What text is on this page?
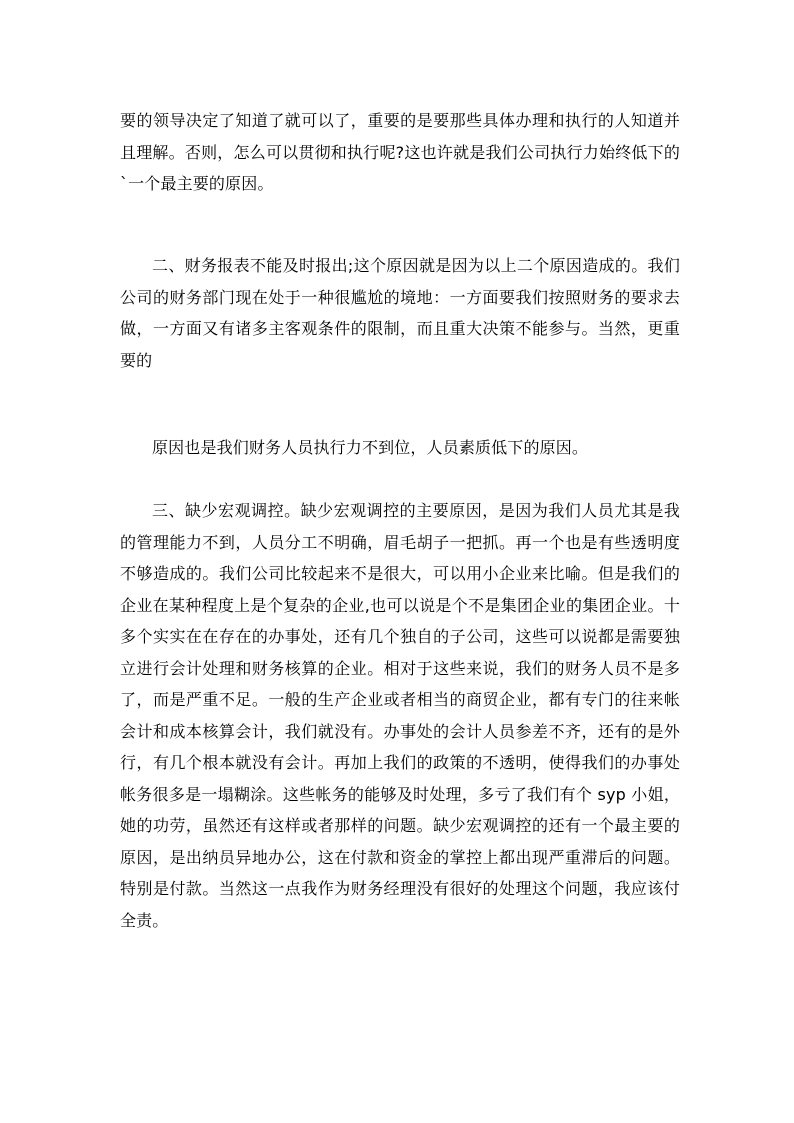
要的领导决定了知道了就可以了，重要的是要那些具体办理和执行的人知道并且理解。否则，怎么可以贯彻和执行呢?这也许就是我们公司执行力始终低下的`一个最主要的原因。

二、财务报表不能及时报出;这个原因就是因为以上二个原因造成的。我们公司的财务部门现在处于一种很尴尬的境地：一方面要我们按照财务的要求去做，一方面又有诸多主客观条件的限制，而且重大决策不能参与。当然，更重要的

原因也是我们财务人员执行力不到位，人员素质低下的原因。

三、缺少宏观调控。缺少宏观调控的主要原因，是因为我们人员尤其是我的管理能力不到，人员分工不明确，眉毛胡子一把抓。再一个也是有些透明度不够造成的。我们公司比较起来不是很大，可以用小企业来比喻。但是我们的企业在某种程度上是个复杂的企业,也可以说是个不是集团企业的集团企业。十多个实实在在存在的办事处，还有几个独自的子公司，这些可以说都是需要独立进行会计处理和财务核算的企业。相对于这些来说，我们的财务人员不是多了，而是严重不足。一般的生产企业或者相当的商贸企业，都有专门的往来帐会计和成本核算会计，我们就没有。办事处的会计人员参差不齐，还有的是外行，有几个根本就没有会计。再加上我们的政策的不透明，使得我们的办事处帐务很多是一塌糊涂。这些帐务的能够及时处理，多亏了我们有个 syp 小姐，她的功劳，虽然还有这样或者那样的问题。缺少宏观调控的还有一个最主要的原因，是出纳员异地办公，这在付款和资金的掌控上都出现严重滞后的问题。特别是付款。当然这一点我作为财务经理没有很好的处理这个问题，我应该付全责。
